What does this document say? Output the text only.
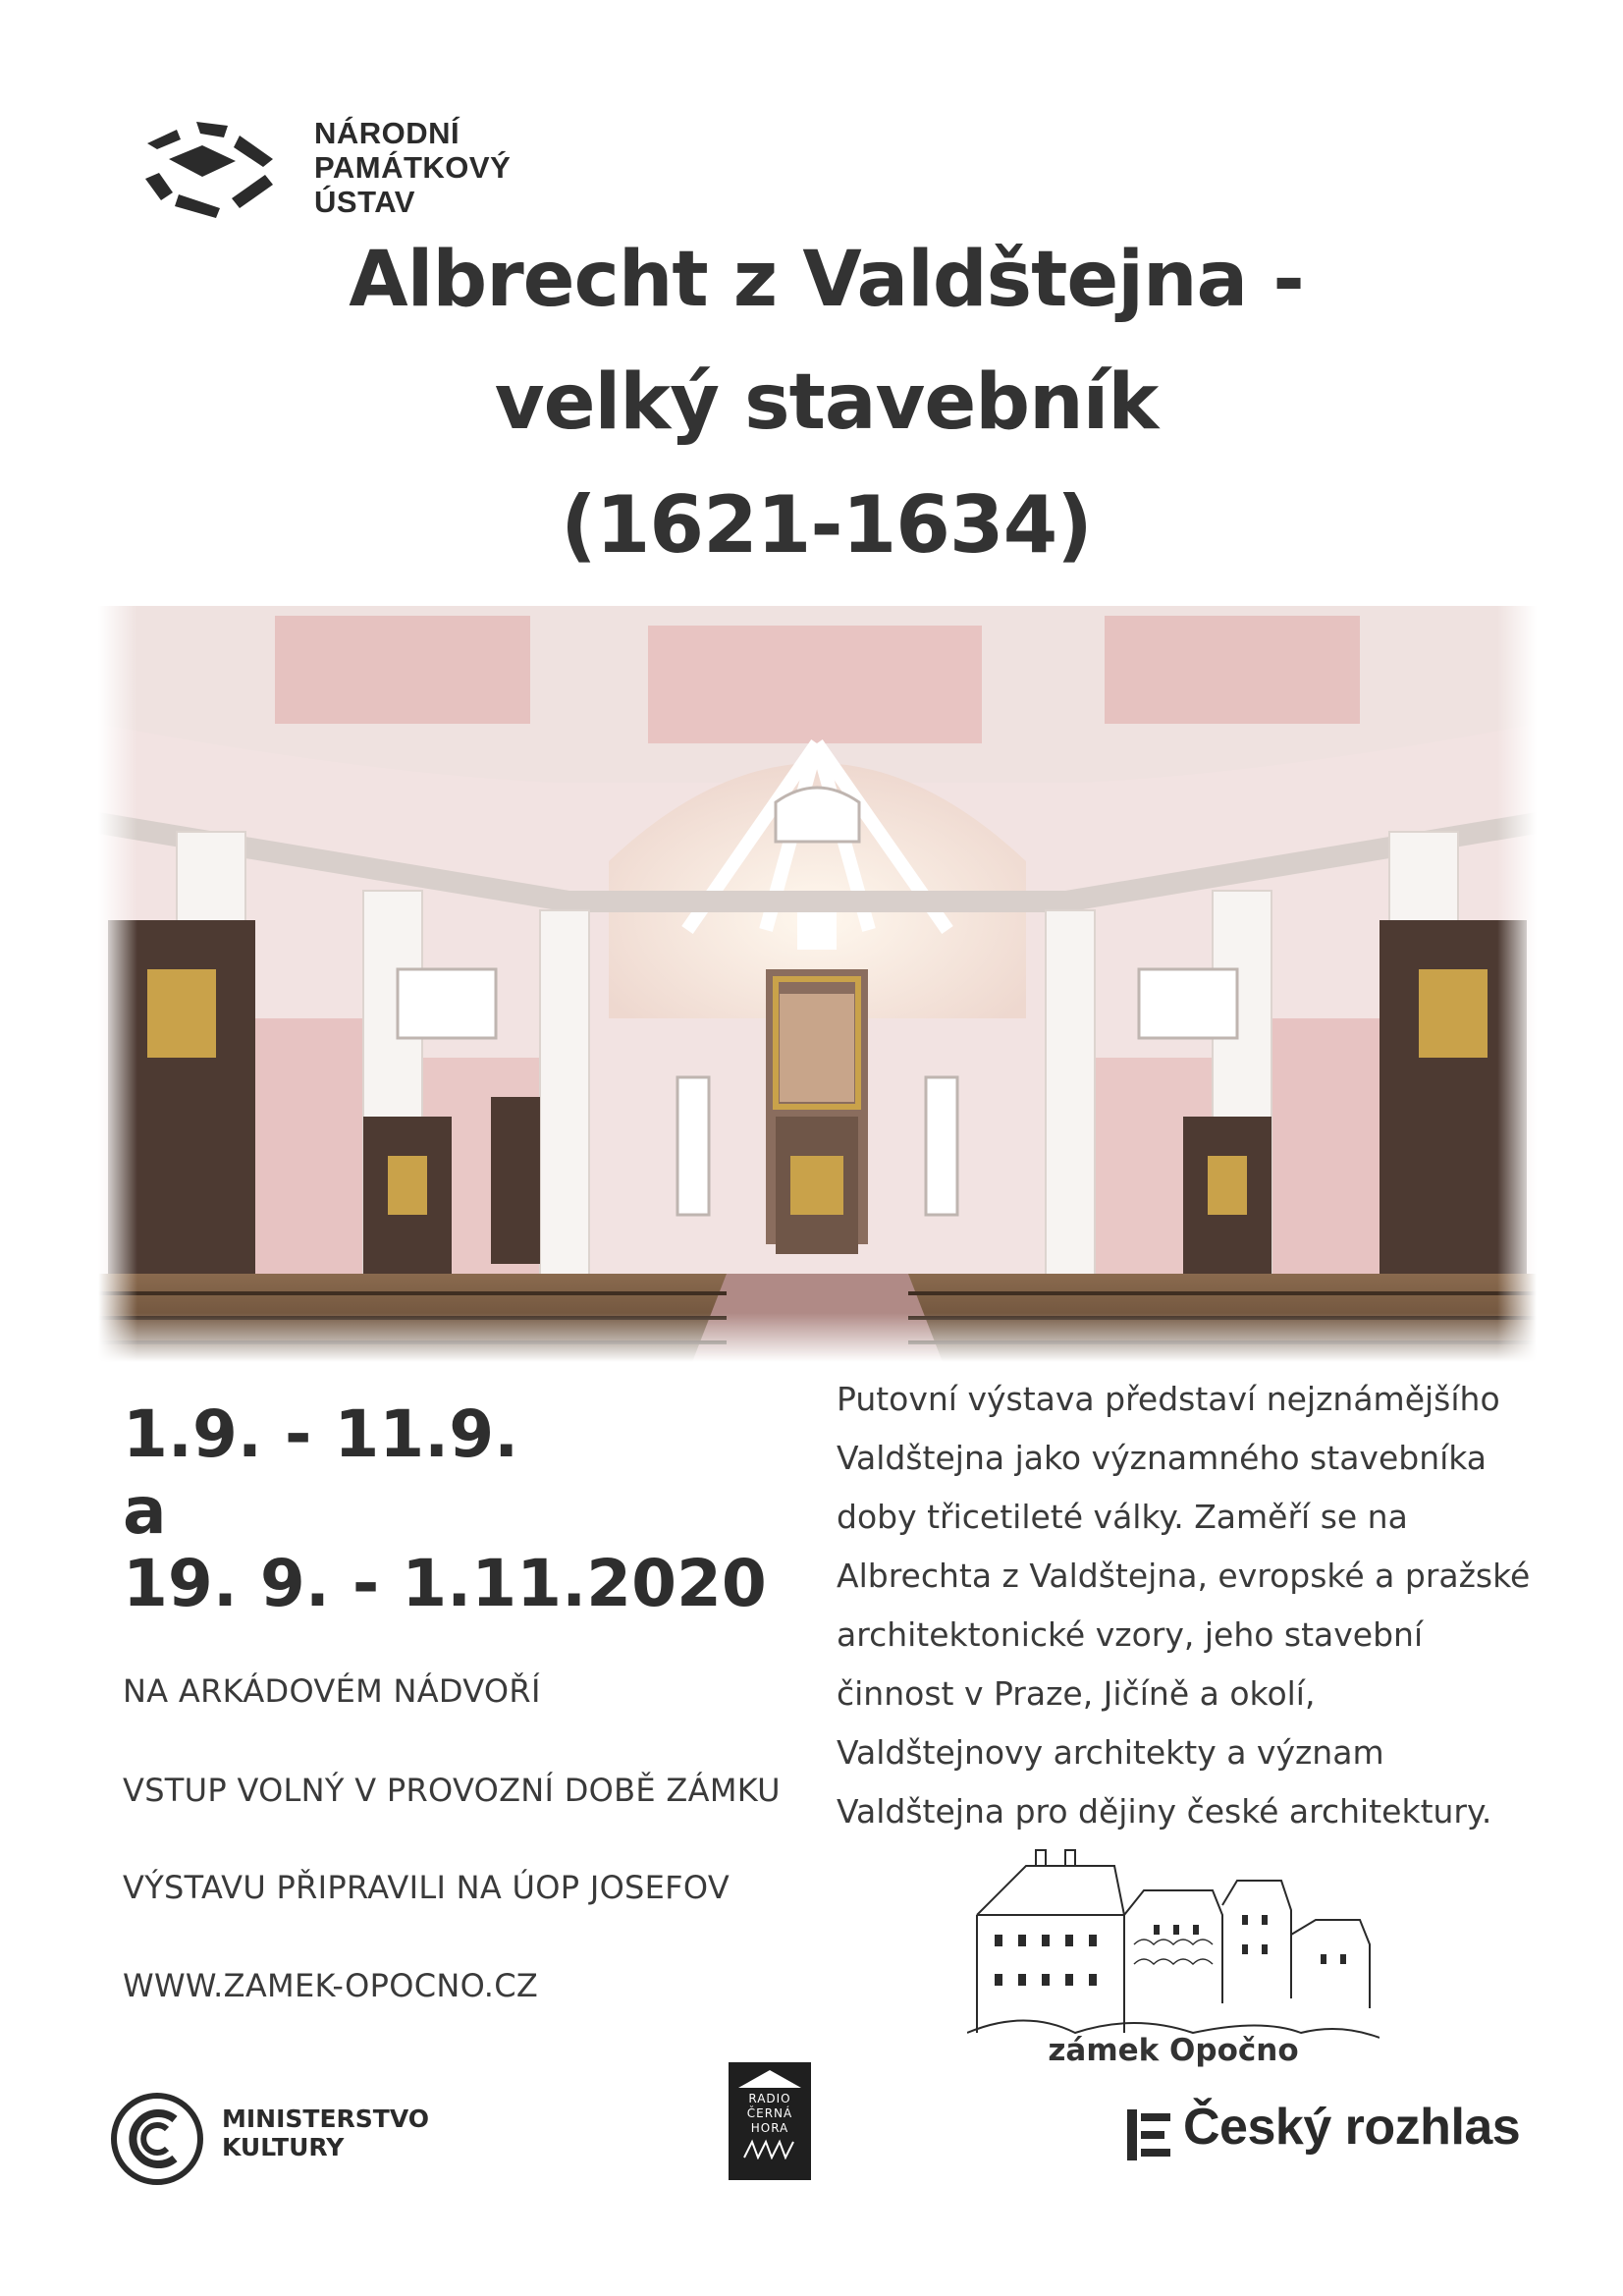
NÁRODNÍ
PAMÁTKOVÝ
ÚSTAV
Albrecht z Valdštejna -
velký stavebník
(1621-1634)
1.9. - 11.9.
a
19. 9. - 1.11.2020
NA ARKÁDOVÉM NÁDVOŘÍ
VSTUP VOLNÝ V PROVOZNÍ DOBĚ ZÁMKU
VÝSTAVU PŘIPRAVILI NA ÚOP JOSEFOV
WWW.ZAMEK-OPOCNO.CZ
Putovní výstava představí nejznámějšího
Valdštejna jako významného stavebníka
doby třicetileté války. Zaměří se na
Albrechta z Valdštejna, evropské a pražské
architektonické vzory, jeho stavební
činnost v Praze, Jičíně a okolí,
Valdštejnovy architekty a význam
Valdštejna pro dějiny české architektury.
zámek Opočno
MINISTERSTVO
KULTURY
RADIO
ČERNÁ
HORA	Český rozhlas
